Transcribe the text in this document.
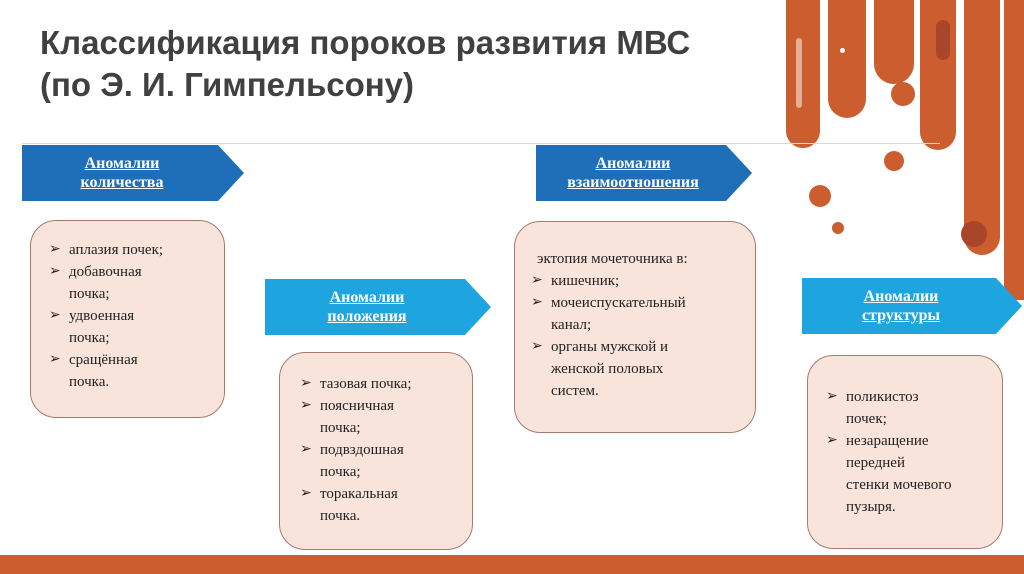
Классификация пороков развития МВС
(по Э. И. Гимпельсону)
Аномалии
количества
➢ аплазия почек;
➢ добавочная
почка;
➢ удвоенная
почка;
➢ сращённая
почка.
Аномалии
положения
➢ тазовая почка;
➢ поясничная
почка;
➢ подвздошная
почка;
➢ торакальная
почка.
Аномалии
взаимоотношения
эктопия мочеточника в:
➢ кишечник;
➢ мочеиспускательный
канал;
➢ органы мужской и
женской половых
систем.
Аномалии
структуры
➢ поликистоз
почек;
➢ незаращение
передней
стенки мочевого
пузыря.
